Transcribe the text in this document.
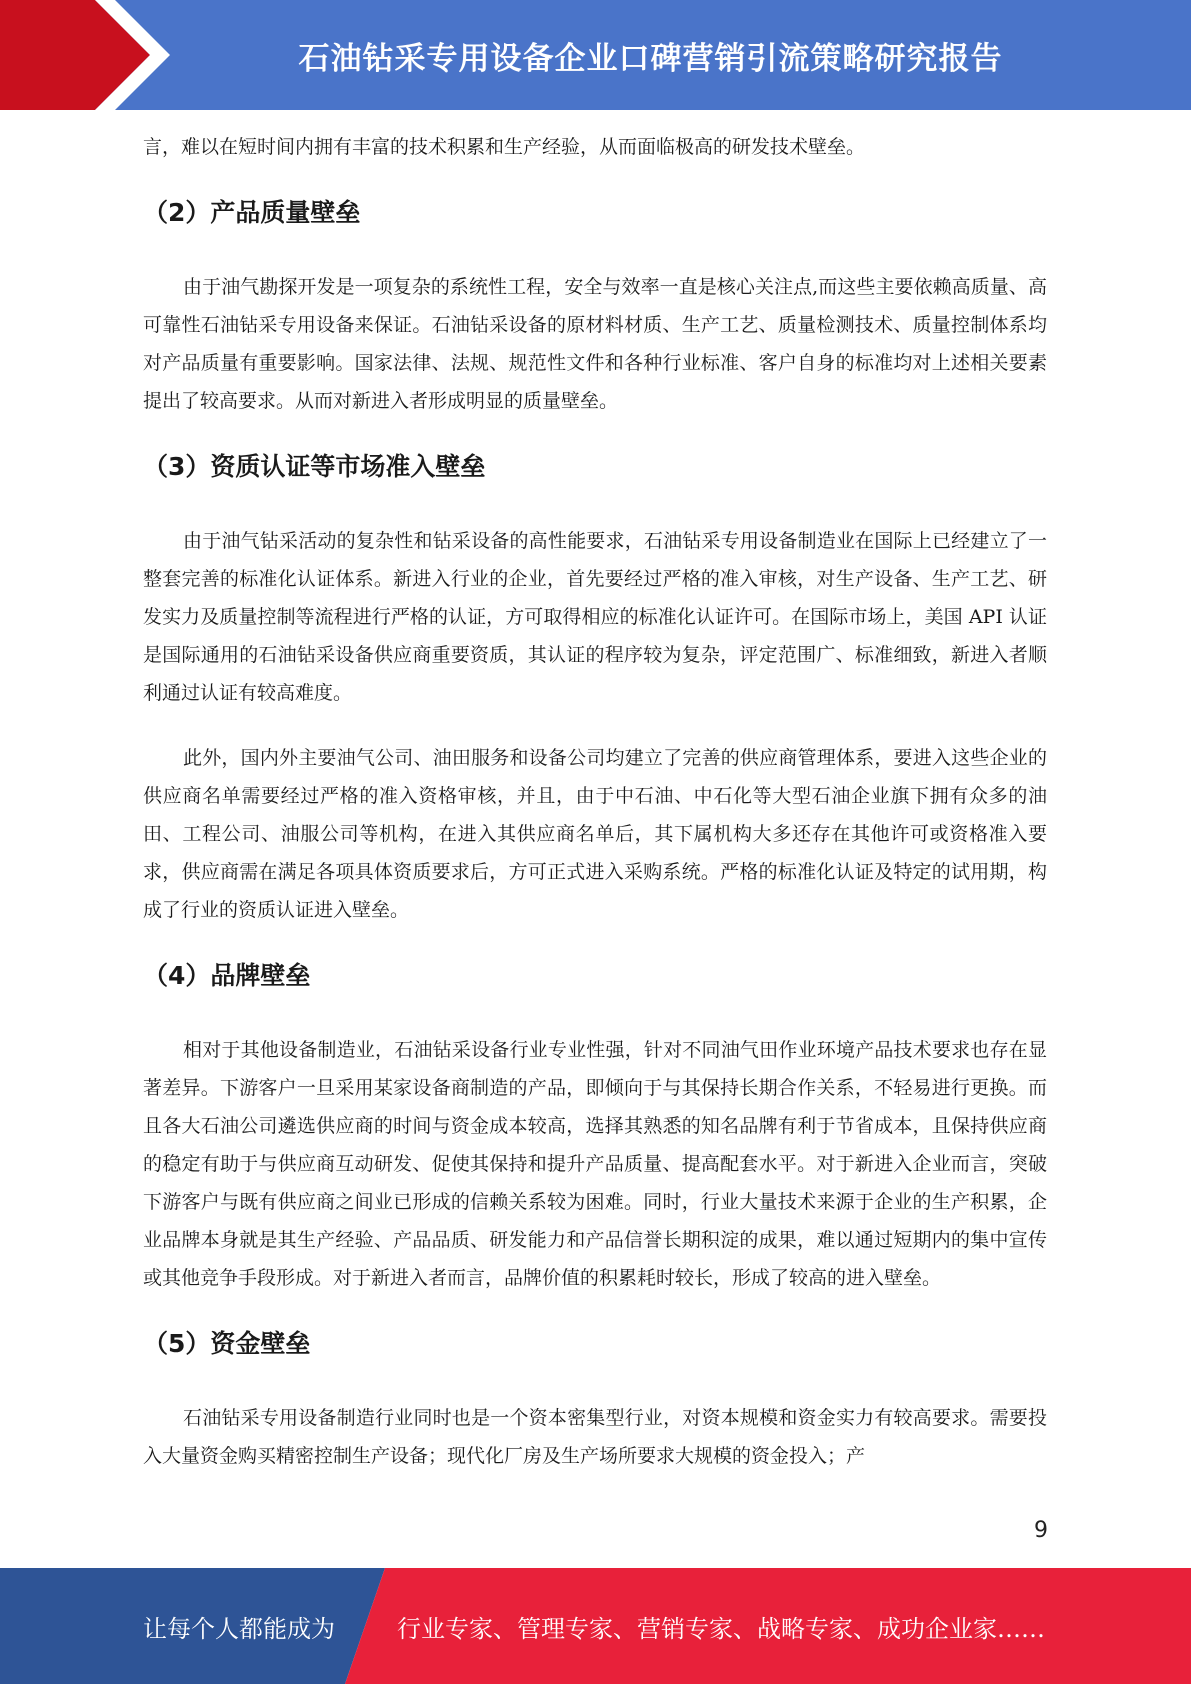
石油钻采专用设备企业口碑营销引流策略研究报告

言，难以在短时间内拥有丰富的技术积累和生产经验，从而面临极高的研发技术壁垒。

（2）产品质量壁垒

由于油气勘探开发是一项复杂的系统性工程，安全与效率一直是核心关注点,而这些主要依赖高质量、高可靠性石油钻采专用设备来保证。石油钻采设备的原材料材质、生产工艺、质量检测技术、质量控制体系均对产品质量有重要影响。国家法律、法规、规范性文件和各种行业标准、客户自身的标准均对上述相关要素提出了较高要求。从而对新进入者形成明显的质量壁垒。

（3）资质认证等市场准入壁垒

由于油气钻采活动的复杂性和钻采设备的高性能要求，石油钻采专用设备制造业在国际上已经建立了一整套完善的标准化认证体系。新进入行业的企业，首先要经过严格的准入审核，对生产设备、生产工艺、研发实力及质量控制等流程进行严格的认证，方可取得相应的标准化认证许可。在国际市场上，美国 API 认证是国际通用的石油钻采设备供应商重要资质，其认证的程序较为复杂，评定范围广、标准细致，新进入者顺利通过认证有较高难度。

此外，国内外主要油气公司、油田服务和设备公司均建立了完善的供应商管理体系，要进入这些企业的供应商名单需要经过严格的准入资格审核，并且，由于中石油、中石化等大型石油企业旗下拥有众多的油田、工程公司、油服公司等机构，在进入其供应商名单后，其下属机构大多还存在其他许可或资格准入要求，供应商需在满足各项具体资质要求后，方可正式进入采购系统。严格的标准化认证及特定的试用期，构成了行业的资质认证进入壁垒。

（4）品牌壁垒

相对于其他设备制造业，石油钻采设备行业专业性强，针对不同油气田作业环境产品技术要求也存在显著差异。下游客户一旦采用某家设备商制造的产品，即倾向于与其保持长期合作关系，不轻易进行更换。而且各大石油公司遴选供应商的时间与资金成本较高，选择其熟悉的知名品牌有利于节省成本，且保持供应商的稳定有助于与供应商互动研发、促使其保持和提升产品质量、提高配套水平。对于新进入企业而言，突破下游客户与既有供应商之间业已形成的信赖关系较为困难。同时，行业大量技术来源于企业的生产积累，企业品牌本身就是其生产经验、产品品质、研发能力和产品信誉长期积淀的成果，难以通过短期内的集中宣传或其他竞争手段形成。对于新进入者而言，品牌价值的积累耗时较长，形成了较高的进入壁垒。

（5）资金壁垒

石油钻采专用设备制造行业同时也是一个资本密集型行业，对资本规模和资金实力有较高要求。需要投入大量资金购买精密控制生产设备；现代化厂房及生产场所要求大规模的资金投入；产

9
让每个人都能成为	行业专家、管理专家、营销专家、战略专家、成功企业家……
